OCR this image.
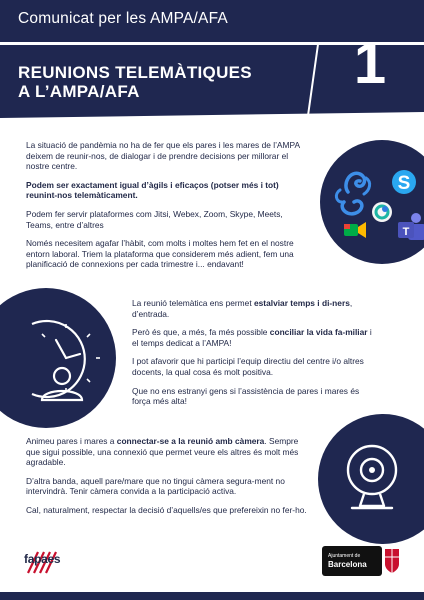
Comunicat per les AMPA/AFA
REUNIONS TELEMÀTIQUES
A L’AMPA/AFA	1

La situació de pandèmia no ha de fer que els pares i les mares de l’AMPA deixem de reunir-nos, de dialogar i de prendre decisions per millorar el nostre centre.

Podem ser exactament igual d’àgils i eficaços (potser més i tot) reunint-nos telemàticament.

Podem fer servir plataformes com Jitsi, Webex, Zoom, Skype, Meets, Teams, entre d’altres

Només necesitem agafar l’hàbit, com molts i moltes hem fet en el nostre entorn laboral. Triem la plataforma que considerem més adient, fem una planificació de connexions per cada trimestre i... endavant!

S
T

La reunió telemàtica ens permet estalviar temps i di-ners, d’entrada.

Però és que, a més, fa més possible conciliar la vida fa-miliar i el temps dedicat a l’AMPA!

I pot afavorir que hi participi l’equip directiu del centre i/o altres docents, la qual cosa és molt positiva.

Que no ens estranyi gens si l’assistència de pares i mares és força més alta!

Animeu pares i mares a connectar-se a la reunió amb càmera. Sempre que sigui possible, una connexió que permet veure els altres és molt més agradable.

D’altra banda, aquell pare/mare que no tingui càmera segura-ment no intervindrà. Tenir càmera convida a la participació activa.

Cal, naturalment, respectar la decisió d’aquells/es que prefereixin no fer-ho.

fapaes	Ajuntament de
Barcelona
